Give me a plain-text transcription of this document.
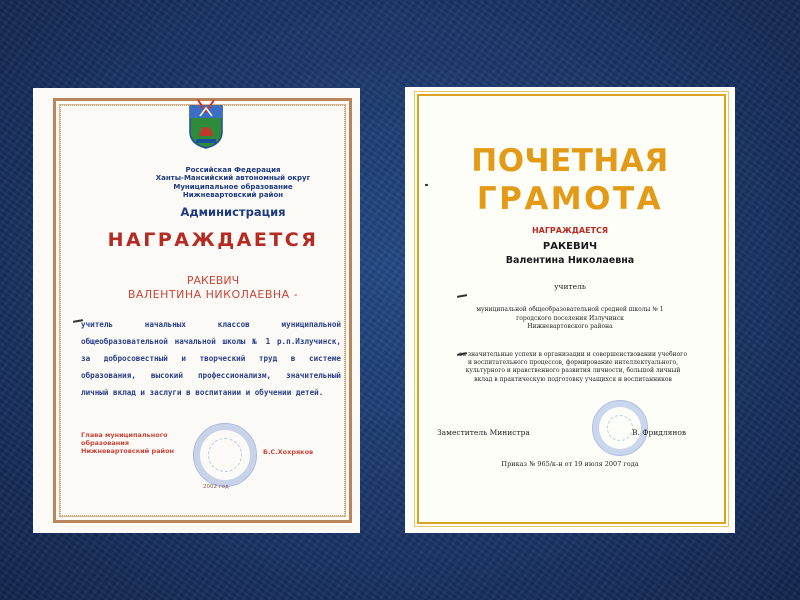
Российская Федерация
Ханты-Мансийский автономный округ
Муниципальное образование
Нижневартовский район
Администрация
НАГРАЖДАЕТСЯ
РАКЕВИЧ
ВАЛЕНТИНА НИКОЛАЕВНА -
учитель начальных классов муниципальной общеобразовательной начальной школы № 1 р.п.Излучинск, за добросовестный и творческий труд в системе образования, высокий профессионализм, значительный личный вклад и заслуги в воспитании и обучении детей.
Глава муниципального
образования
Нижневартовский район	Б.С.Хохряков
2002 год
ПОЧЕТНАЯ
ГРАМОТА
НАГРАЖДАЕТСЯ
РАКЕВИЧ
Валентина Николаевна
учитель
муниципальной общеобразовательной средней школы № 1
городского поселения Излучинск
Нижневартовского района
за значительные успехи в организации и совершенствовании учебного
и воспитательного процессов, формирование интеллектуального,
культурного и нравственного развития личности, большой личный
вклад в практическую подготовку учащихся и воспитанников
Заместитель Министра	В. Фридлянов
Приказ № 965/к-н от 19 июля 2007 года
